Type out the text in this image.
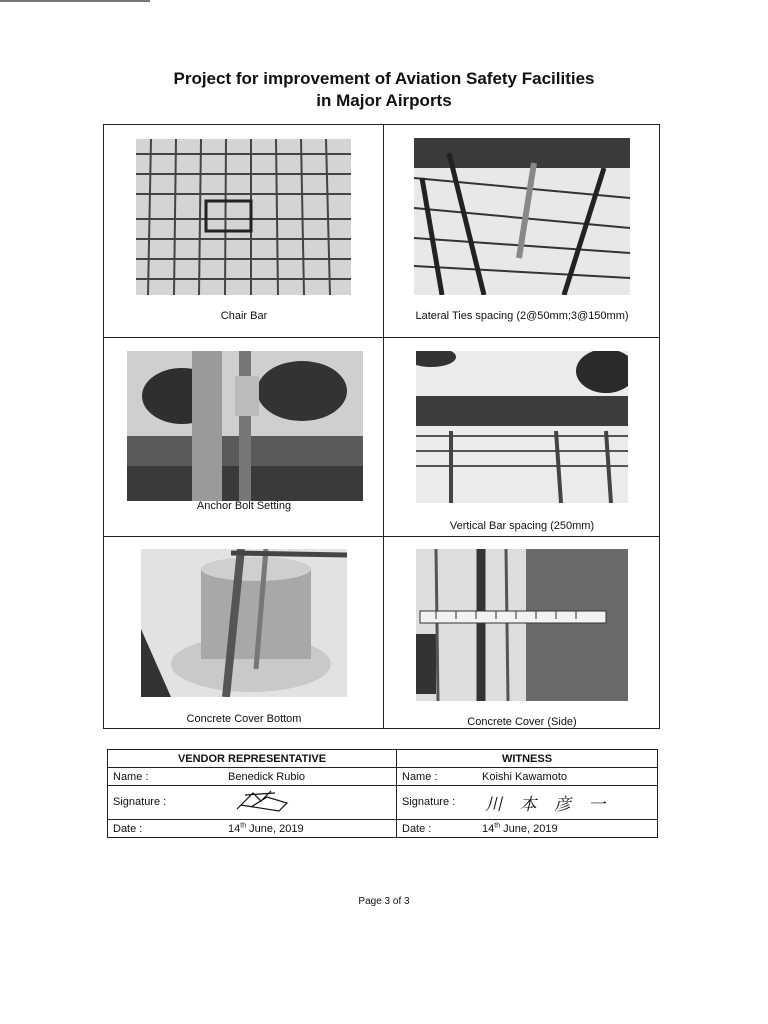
Project for improvement of Aviation Safety Facilities
in Major Airports
Chair Bar	Lateral Ties spacing (2@50mm;3@150mm)
Anchor Bolt Setting
Vertical Bar spacing (250mm)
Concrete Cover Bottom	Concrete Cover (Side)
VENDOR REPRESENTATIVE	WITNESS
Name : Benedick Rubio	Name : Koishi Kawamoto
Signature :	Signature : 川 本 彦 一
Date : 14th June, 2019	Date : 14th June, 2019
Page 3 of 3
